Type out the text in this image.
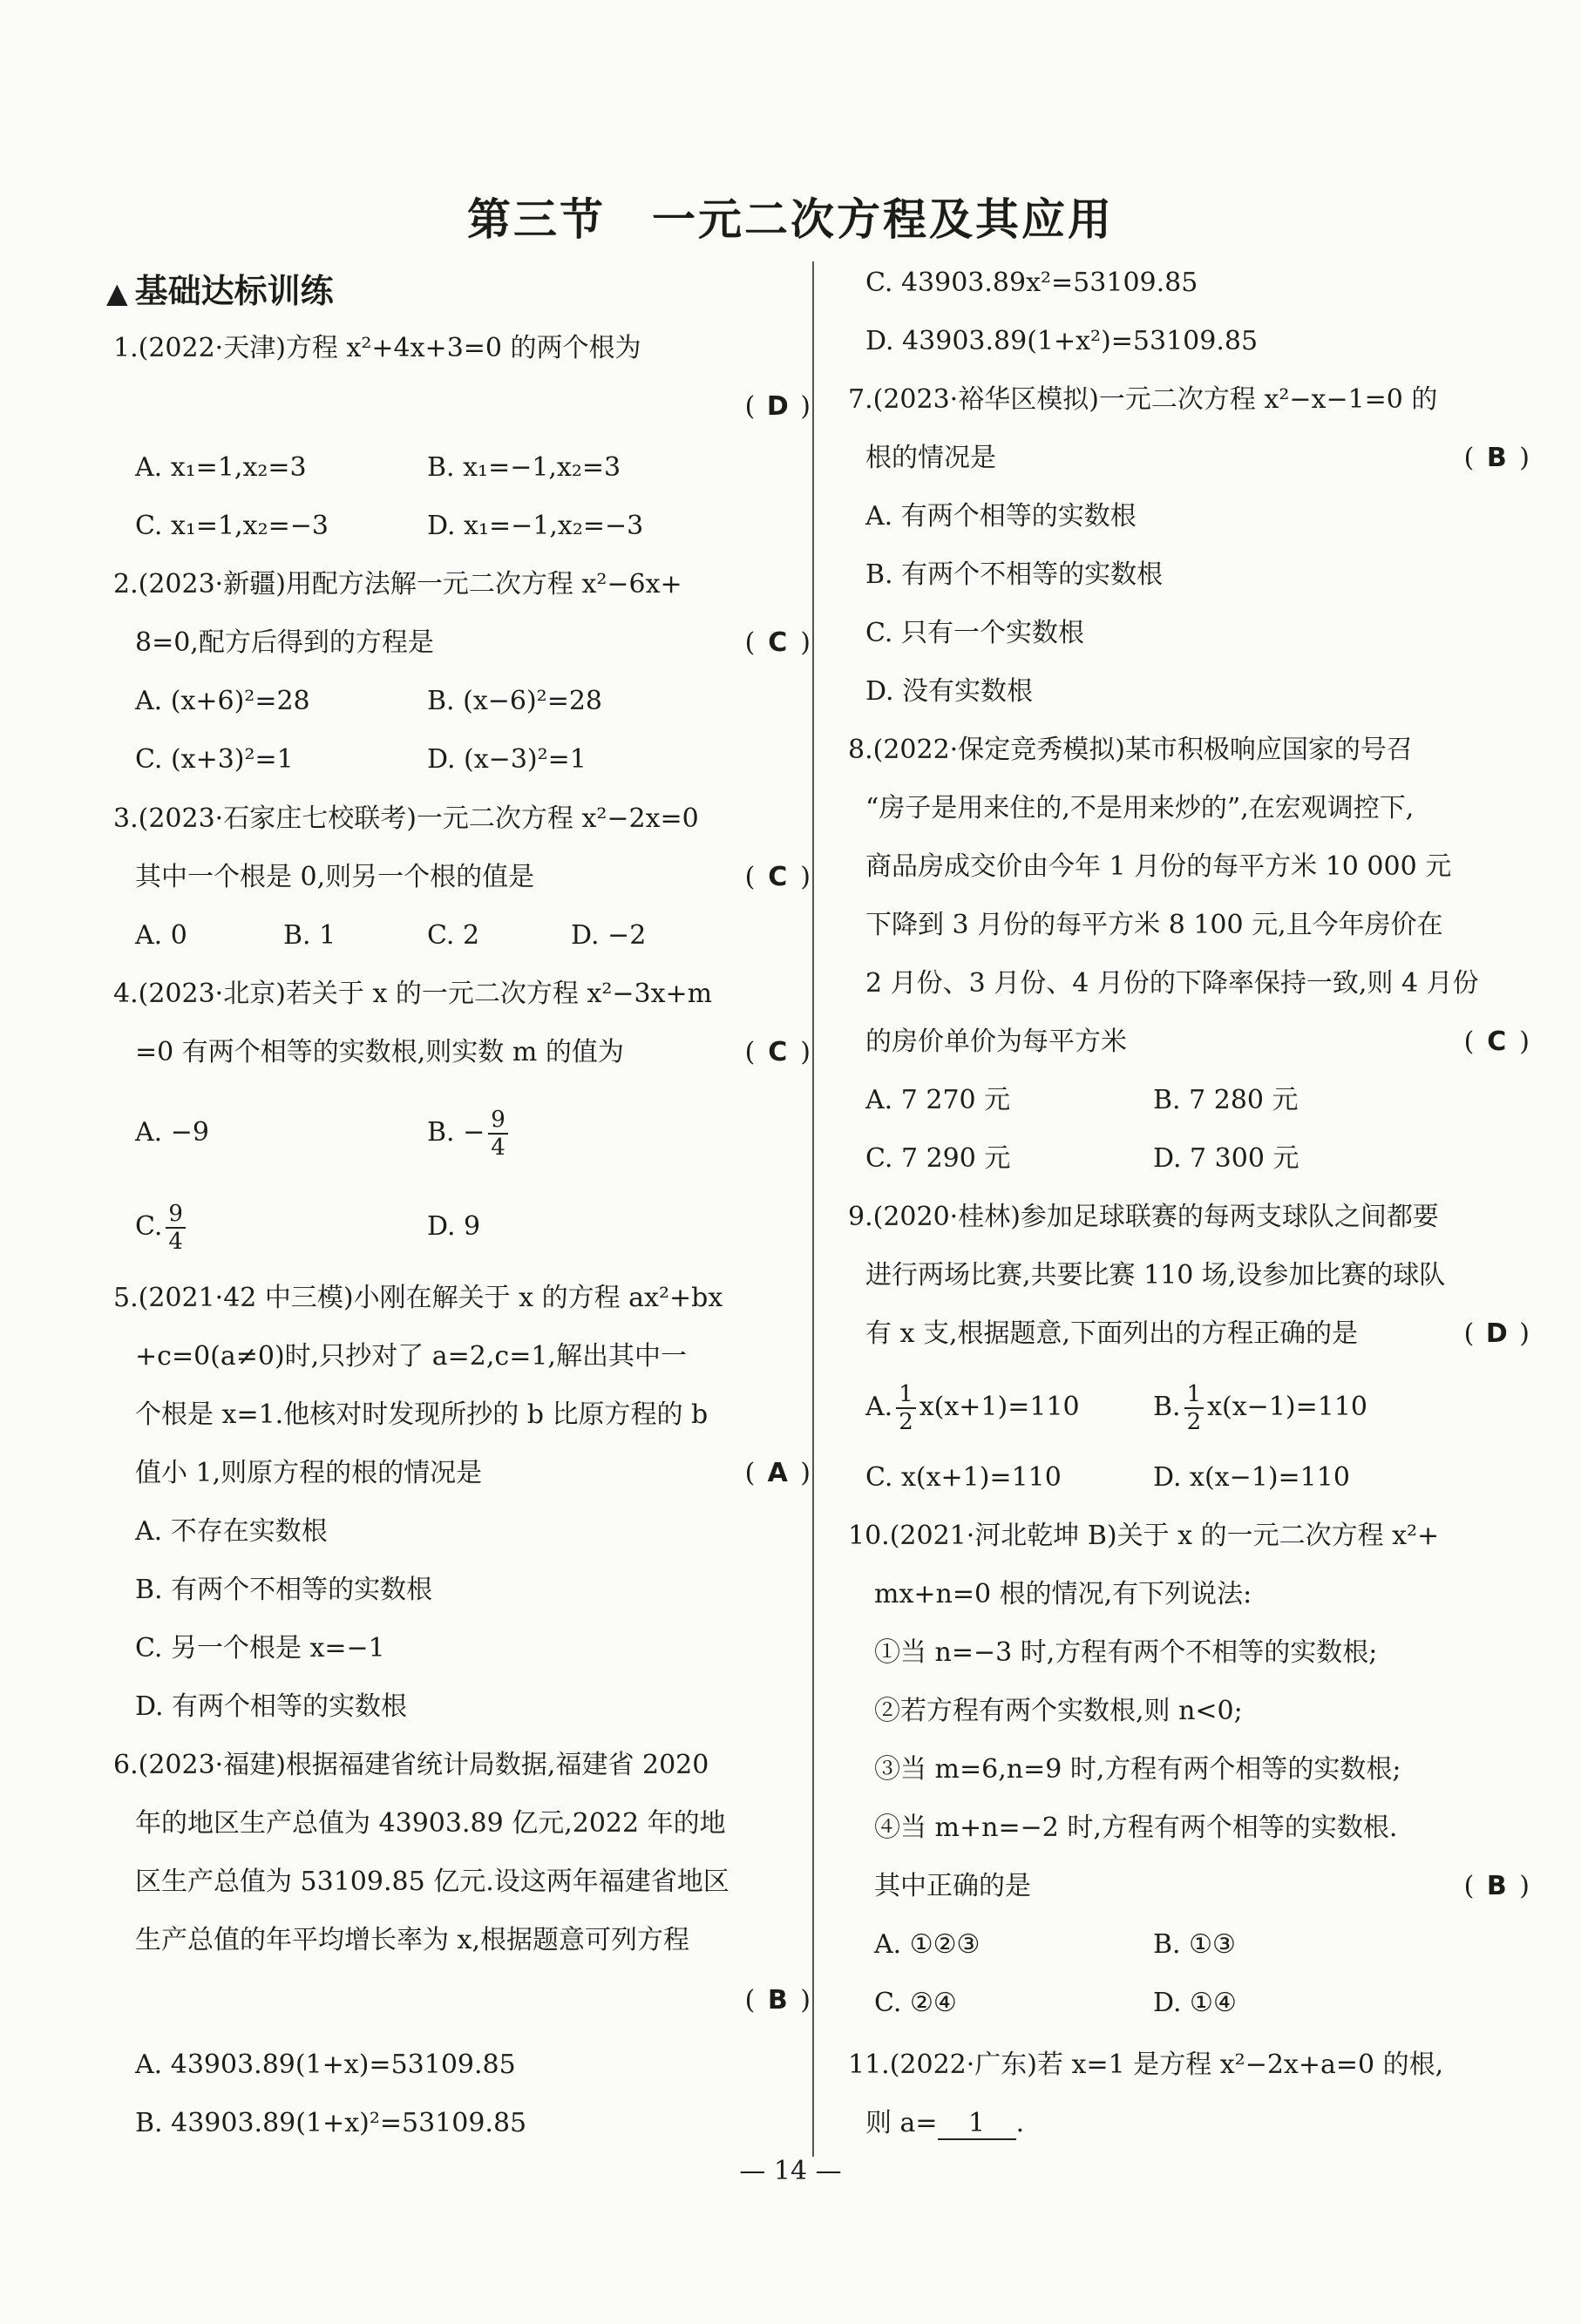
第三节　一元二次方程及其应用
▲ 基础达标训练
1.(2022·天津)方程 x²+4x+3=0 的两个根为
( D )
A. x₁=1,x₂=3	B. x₁=−1,x₂=3
C. x₁=1,x₂=−3	D. x₁=−1,x₂=−3
2.(2023·新疆)用配方法解一元二次方程 x²−6x+
8=0,配方后得到的方程是	( C )
A. (x+6)²=28	B. (x−6)²=28
C. (x+3)²=1	D. (x−3)²=1
3.(2023·石家庄七校联考)一元二次方程 x²−2x=0
其中一个根是 0,则另一个根的值是	( C )
A. 0	B. 1	C. 2	D. −2
4.(2023·北京)若关于 x 的一元二次方程 x²−3x+m
=0 有两个相等的实数根,则实数 m 的值为	( C )
A. −9	B. − $\frac{9}{4}$
C. $\frac{9}{4}$	D. 9
5.(2021·42 中三模)小刚在解关于 x 的方程 ax²+bx
+c=0(a≠0)时,只抄对了 a=2,c=1,解出其中一
个根是 x=1.他核对时发现所抄的 b 比原方程的 b
值小 1,则原方程的根的情况是	( A )
A. 不存在实数根
B. 有两个不相等的实数根
C. 另一个根是 x=−1
D. 有两个相等的实数根
6.(2023·福建)根据福建省统计局数据,福建省 2020
年的地区生产总值为 43903.89 亿元,2022 年的地
区生产总值为 53109.85 亿元.设这两年福建省地区
生产总值的年平均增长率为 x,根据题意可列方程
( B )
A. 43903.89(1+x)=53109.85
B. 43903.89(1+x)²=53109.85
C. 43903.89x²=53109.85
D. 43903.89(1+x²)=53109.85
7.(2023·裕华区模拟)一元二次方程 x²−x−1=0 的
根的情况是	( B )
A. 有两个相等的实数根
B. 有两个不相等的实数根
C. 只有一个实数根
D. 没有实数根
8.(2022·保定竞秀模拟)某市积极响应国家的号召
“房子是用来住的,不是用来炒的”,在宏观调控下,
商品房成交价由今年 1 月份的每平方米 10 000 元
下降到 3 月份的每平方米 8 100 元,且今年房价在
2 月份、3 月份、4 月份的下降率保持一致,则 4 月份
的房价单价为每平方米	( C )
A. 7 270 元	B. 7 280 元
C. 7 290 元	D. 7 300 元
9.(2020·桂林)参加足球联赛的每两支球队之间都要
进行两场比赛,共要比赛 110 场,设参加比赛的球队
有 x 支,根据题意,下面列出的方程正确的是	( D )
A. $\frac{1}{2} x(x+1)=110$	B. $\frac{1}{2} x(x-1)=110$
C. x(x+1)=110	D. x(x−1)=110
10.(2021·河北乾坤 B)关于 x 的一元二次方程 x²+
mx+n=0 根的情况,有下列说法:
①当 n=−3 时,方程有两个不相等的实数根;
②若方程有两个实数根,则 n<0;
③当 m=6,n=9 时,方程有两个相等的实数根;
④当 m+n=−2 时,方程有两个相等的实数根.
其中正确的是	( B )
A. ①②③	B. ①③
C. ②④	D. ①④
11.(2022·广东)若 x=1 是方程 x²−2x+a=0 的根,
则 a= 1 .
— 14 —
